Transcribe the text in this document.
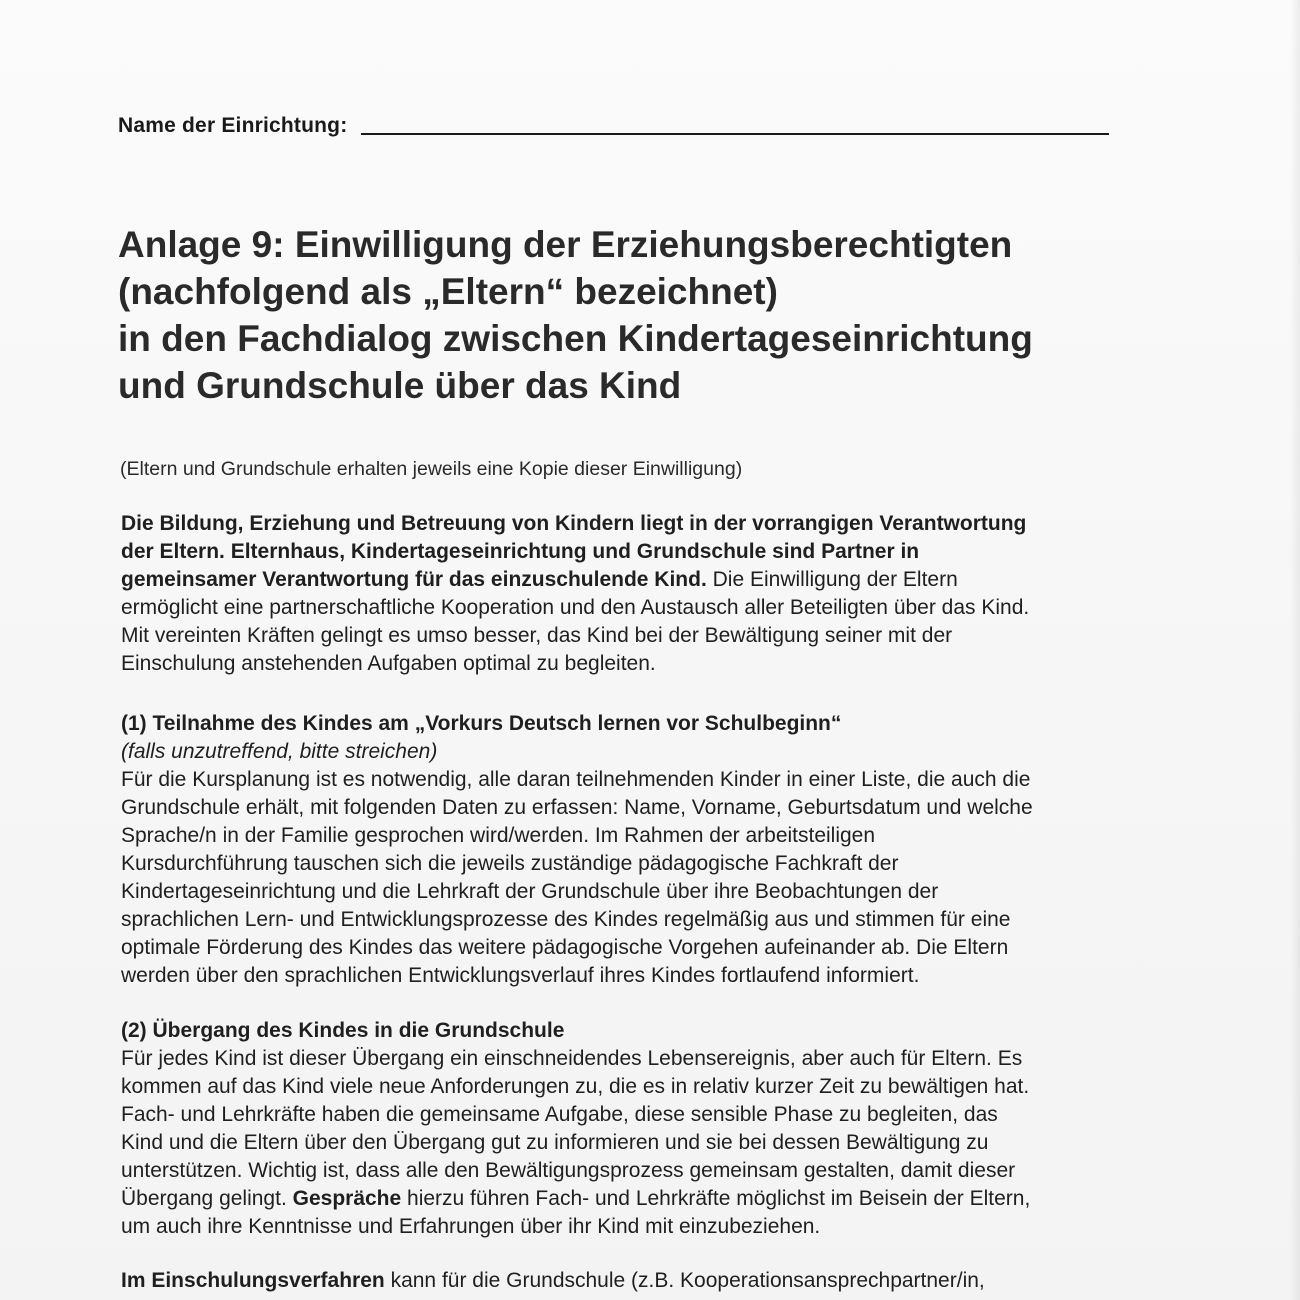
Name der Einrichtung:
Anlage 9: Einwilligung der Erziehungsberechtigten
(nachfolgend als „Eltern“ bezeichnet)
in den Fachdialog zwischen Kindertageseinrichtung
und Grundschule über das Kind
(Eltern und Grundschule erhalten jeweils eine Kopie dieser Einwilligung)
Die Bildung, Erziehung und Betreuung von Kindern liegt in der vorrangigen Verantwortung
der Eltern. Elternhaus, Kindertageseinrichtung und Grundschule sind Partner in
gemeinsamer Verantwortung für das einzuschulende Kind. Die Einwilligung der Eltern
ermöglicht eine partnerschaftliche Kooperation und den Austausch aller Beteiligten über das Kind.
Mit vereinten Kräften gelingt es umso besser, das Kind bei der Bewältigung seiner mit der
Einschulung anstehenden Aufgaben optimal zu begleiten.
(1) Teilnahme des Kindes am „Vorkurs Deutsch lernen vor Schulbeginn“
(falls unzutreffend, bitte streichen)
Für die Kursplanung ist es notwendig, alle daran teilnehmenden Kinder in einer Liste, die auch die
Grundschule erhält, mit folgenden Daten zu erfassen: Name, Vorname, Geburtsdatum und welche
Sprache/n in der Familie gesprochen wird/werden. Im Rahmen der arbeitsteiligen
Kursdurchführung tauschen sich die jeweils zuständige pädagogische Fachkraft der
Kindertageseinrichtung und die Lehrkraft der Grundschule über ihre Beobachtungen der
sprachlichen Lern- und Entwicklungsprozesse des Kindes regelmäßig aus und stimmen für eine
optimale Förderung des Kindes das weitere pädagogische Vorgehen aufeinander ab. Die Eltern
werden über den sprachlichen Entwicklungsverlauf ihres Kindes fortlaufend informiert.
(2) Übergang des Kindes in die Grundschule
Für jedes Kind ist dieser Übergang ein einschneidendes Lebensereignis, aber auch für Eltern. Es
kommen auf das Kind viele neue Anforderungen zu, die es in relativ kurzer Zeit zu bewältigen hat.
Fach- und Lehrkräfte haben die gemeinsame Aufgabe, diese sensible Phase zu begleiten, das
Kind und die Eltern über den Übergang gut zu informieren und sie bei dessen Bewältigung zu
unterstützen. Wichtig ist, dass alle den Bewältigungsprozess gemeinsam gestalten, damit dieser
Übergang gelingt. Gespräche hierzu führen Fach- und Lehrkräfte möglichst im Beisein der Eltern,
um auch ihre Kenntnisse und Erfahrungen über ihr Kind mit einzubeziehen.
Im Einschulungsverfahren kann für die Grundschule (z.B. Kooperationsansprechpartner/in,
